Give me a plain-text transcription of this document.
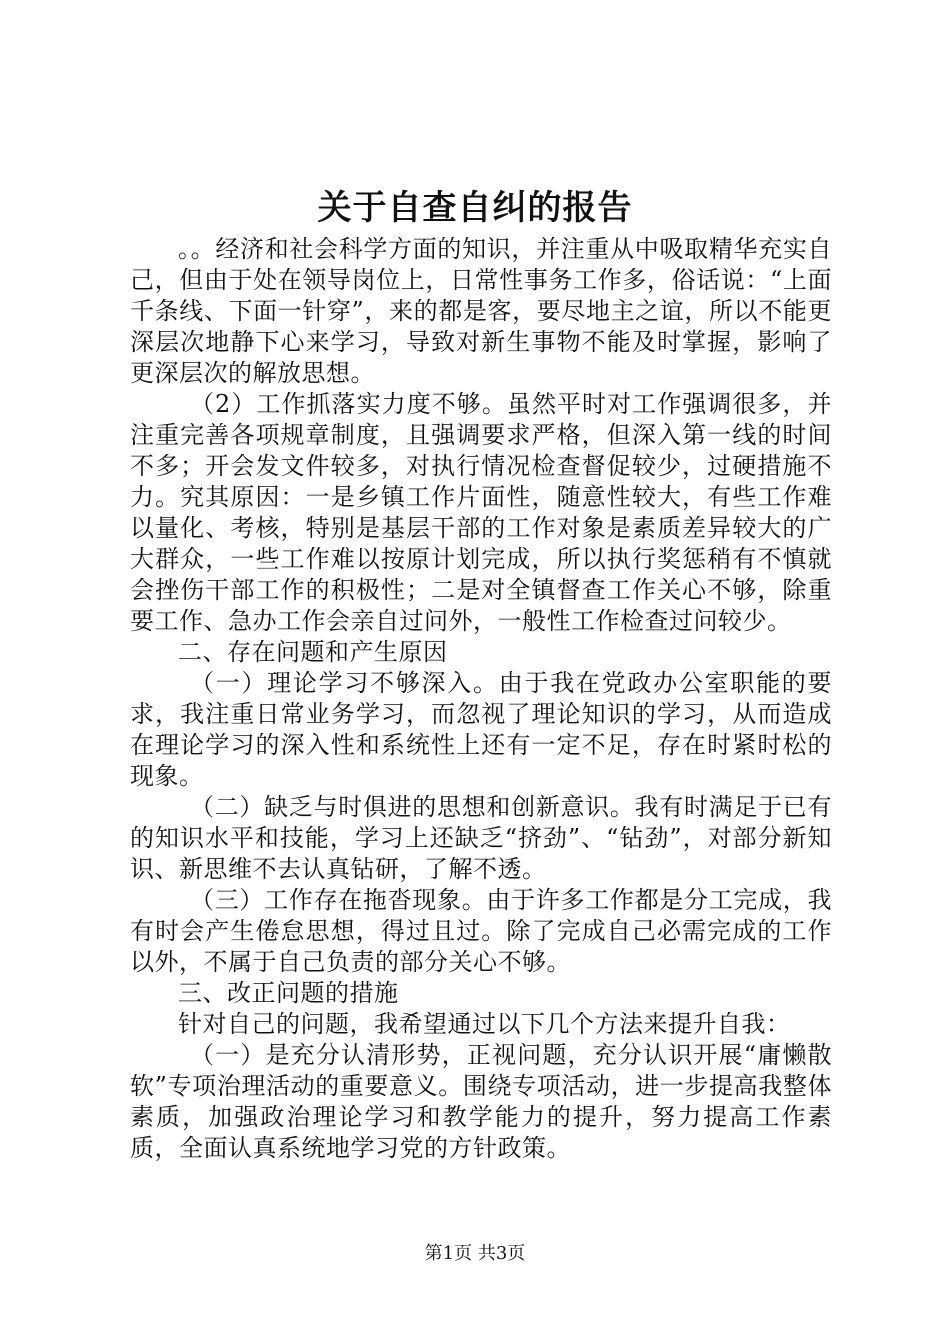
关于自查自纠的报告

。。经济和社会科学方面的知识，并注重从中吸取精华充实自己，但由于处在领导岗位上，日常性事务工作多，俗话说：“上面千条线、下面一针穿”，来的都是客，要尽地主之谊，所以不能更深层次地静下心来学习，导致对新生事物不能及时掌握，影响了更深层次的解放思想。

（2）工作抓落实力度不够。虽然平时对工作强调很多，并注重完善各项规章制度，且强调要求严格，但深入第一线的时间不多；开会发文件较多，对执行情况检查督促较少，过硬措施不力。究其原因：一是乡镇工作片面性，随意性较大，有些工作难以量化、考核，特别是基层干部的工作对象是素质差异较大的广大群众，一些工作难以按原计划完成，所以执行奖惩稍有不慎就会挫伤干部工作的积极性；二是对全镇督查工作关心不够，除重要工作、急办工作会亲自过问外，一般性工作检查过问较少。

二、存在问题和产生原因

（一）理论学习不够深入。由于我在党政办公室职能的要求，我注重日常业务学习，而忽视了理论知识的学习，从而造成在理论学习的深入性和系统性上还有一定不足，存在时紧时松的现象。

（二）缺乏与时俱进的思想和创新意识。我有时满足于已有的知识水平和技能，学习上还缺乏“挤劲”、“钻劲”，对部分新知识、新思维不去认真钻研，了解不透。

（三）工作存在拖沓现象。由于许多工作都是分工完成，我有时会产生倦怠思想，得过且过。除了完成自己必需完成的工作以外，不属于自己负责的部分关心不够。

三、改正问题的措施

针对自己的问题，我希望通过以下几个方法来提升自我：

（一）是充分认清形势，正视问题，充分认识开展“庸懒散软”专项治理活动的重要意义。围绕专项活动，进一步提高我整体素质，加强政治理论学习和教学能力的提升，努力提高工作素质，全面认真系统地学习党的方针政策。

第1页 共3页
